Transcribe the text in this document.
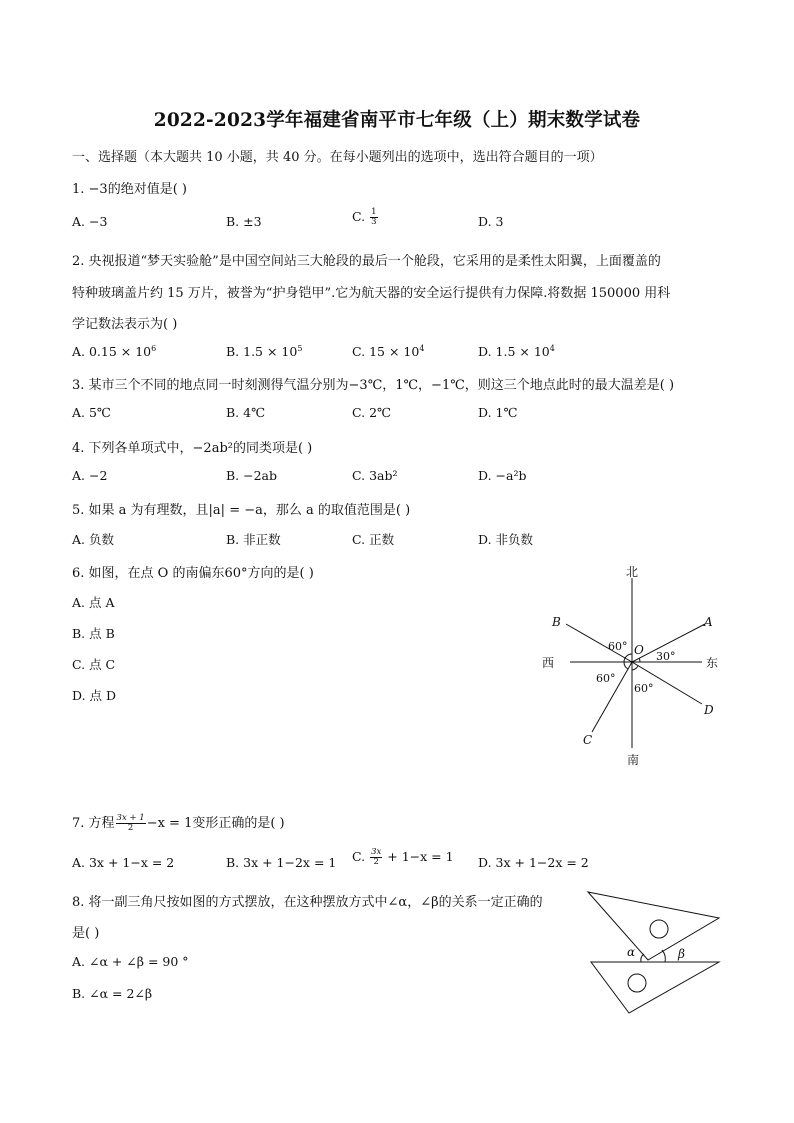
2022-2023学年福建省南平市七年级（上）期末数学试卷
一、选择题（本大题共 10 小题，共 40 分。在每小题列出的选项中，选出符合题目的一项）
1. −3的绝对值是( )
A. −3	B. ±3	C. $\frac{1}{3}$	D. 3
2. 央视报道“梦天实验舱”是中国空间站三大舱段的最后一个舱段，它采用的是柔性太阳翼，上面覆盖的
特种玻璃盖片约 15 万片，被誉为“护身铠甲”.它为航天器的安全运行提供有力保障.将数据 150000 用科
学记数法表示为( )
A. $0.15 \times 10^6$	B. $1.5 \times 10^5$	C. $15 \times 10^4$	D. $1.5 \times 10^4$
3. 某市三个不同的地点同一时刻测得气温分别为−3℃，1℃，−1℃，则这三个地点此时的最大温差是( )
A. 5℃	B. 4℃	C. 2℃	D. 1℃
4. 下列各单项式中，−2ab²的同类项是( )
A. −2	B. −2ab	C. 3ab²	D. −a²b
5. 如果 a 为有理数，且|a| = −a，那么 a 的取值范围是( )
A. 负数	B. 非正数	C. 正数	D. 非负数
6. 如图，在点 O 的南偏东60°方向的是( )
A. 点 A
B. 点 B
C. 点 C
D. 点 D
北
南
西	东
O
A
B
C
D
60°
30°
60°
60°
7. 方程 $\frac{3x + 1}{2} -x = 1$变形正确的是( )
A. 3x + 1−x = 2	B. 3x + 1−2x = 1 C. $\frac{3x}{2} + 1-x = 1$ D. 3x + 1−2x = 2
8. 将一副三角尺按如图的方式摆放，在这种摆放方式中∠α，∠β的关系一定正确的
是( )
A. ∠α + ∠β = 90 °
B. ∠α = 2∠β
α	β
